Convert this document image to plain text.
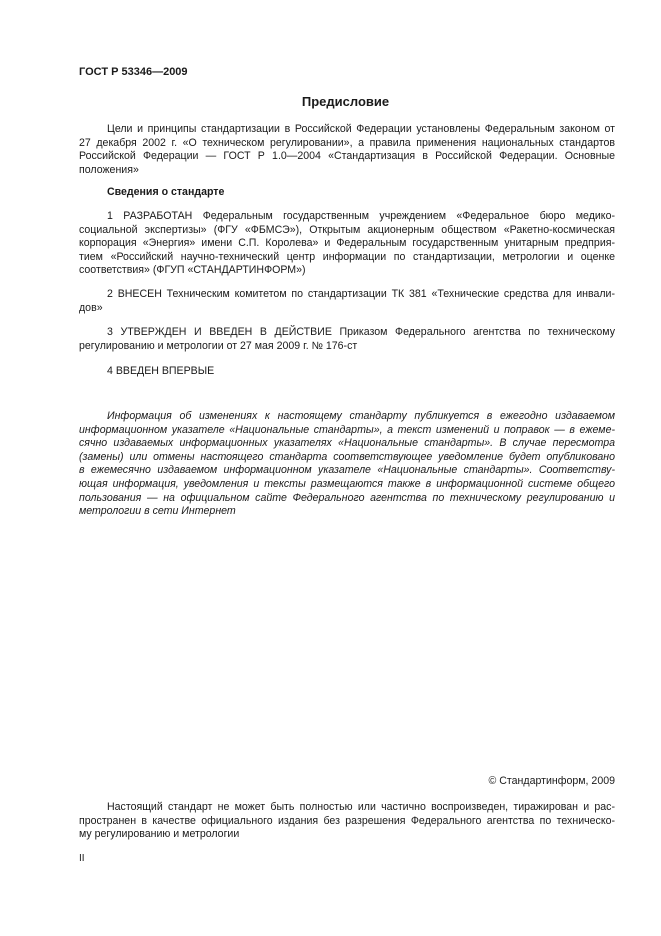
ГОСТ Р 53346—2009
Предисловие
Цели и принципы стандартизации в Российской Федерации установлены Федеральным законом от
27 декабря 2002 г. «О техническом регулировании», а правила применения национальных стандартов
Российской Федерации — ГОСТ Р 1.0—2004 «Стандартизация в Российской Федерации. Основные
положения»
Сведения о стандарте
1 РАЗРАБОТАН Федеральным государственным учреждением «Федеральное бюро медико-
социальной экспертизы» (ФГУ «ФБМСЭ»), Открытым акционерным обществом «Ракетно-космическая
корпорация «Энергия» имени С.П. Королева» и Федеральным государственным унитарным предприя-
тием «Российский научно-технический центр информации по стандартизации, метрологии и оценке
соответствия» (ФГУП «СТАНДАРТИНФОРМ»)
2 ВНЕСЕН Техническим комитетом по стандартизации ТК 381 «Технические средства для инвали-
дов»
3 УТВЕРЖДЕН И ВВЕДЕН В ДЕЙСТВИЕ Приказом Федерального агентства по техническому
регулированию и метрологии от 27 мая 2009 г. № 176-ст
4 ВВЕДЕН ВПЕРВЫЕ
Информация об изменениях к настоящему стандарту публикуется в ежегодно издаваемом
информационном указателе «Национальные стандарты», а текст изменений и поправок — в ежеме-
сячно издаваемых информационных указателях «Национальные стандарты». В случае пересмотра
(замены) или отмены настоящего стандарта соответствующее уведомление будет опубликовано
в ежемесячно издаваемом информационном указателе «Национальные стандарты». Соответству-
ющая информация, уведомления и тексты размещаются также в информационной системе общего
пользования — на официальном сайте Федерального агентства по техническому регулированию и
метрологии в сети Интернет
© Стандартинформ, 2009
Настоящий стандарт не может быть полностью или частично воспроизведен, тиражирован и рас-
пространен в качестве официального издания без разрешения Федерального агентства по техническо-
му регулированию и метрологии
II
